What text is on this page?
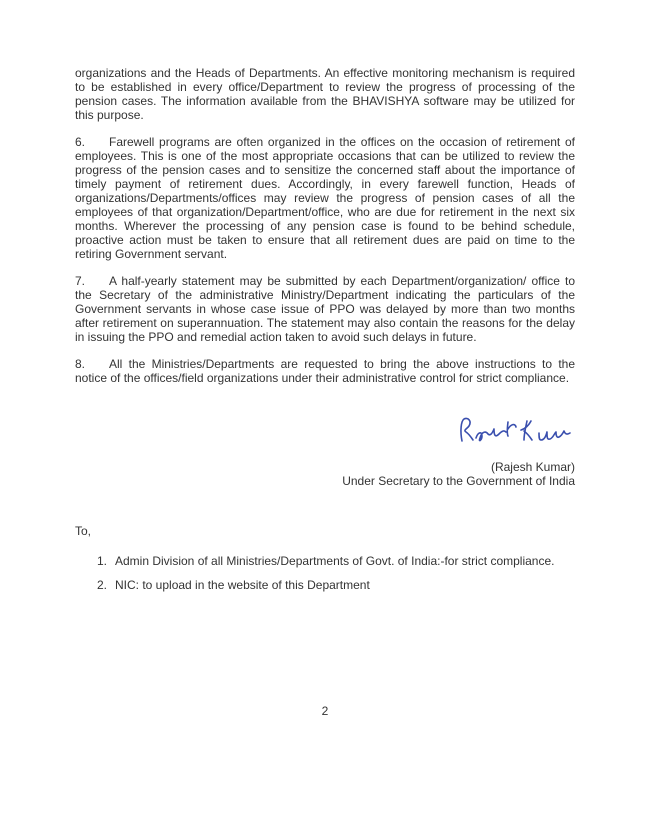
organizations and the Heads of Departments. An effective monitoring mechanism is required to be established in every office/Department to review the progress of processing of the pension cases. The information available from the BHAVISHYA software may be utilized for this purpose.

6. Farewell programs are often organized in the offices on the occasion of retirement of employees. This is one of the most appropriate occasions that can be utilized to review the progress of the pension cases and to sensitize the concerned staff about the importance of timely payment of retirement dues. Accordingly, in every farewell function, Heads of organizations/Departments/offices may review the progress of pension cases of all the employees of that organization/Department/office, who are due for retirement in the next six months. Wherever the processing of any pension case is found to be behind schedule, proactive action must be taken to ensure that all retirement dues are paid on time to the retiring Government servant.

7. A half-yearly statement may be submitted by each Department/organization/ office to the Secretary of the administrative Ministry/Department indicating the particulars of the Government servants in whose case issue of PPO was delayed by more than two months after retirement on superannuation. The statement may also contain the reasons for the delay in issuing the PPO and remedial action taken to avoid such delays in future.

8. All the Ministries/Departments are requested to bring the above instructions to the notice of the offices/field organizations under their administrative control for strict compliance.

(Rajesh Kumar)
Under Secretary to the Government of India
To,
1. Admin Division of all Ministries/Departments of Govt. of India:-for strict compliance.
2. NIC: to upload in the website of this Department
2
